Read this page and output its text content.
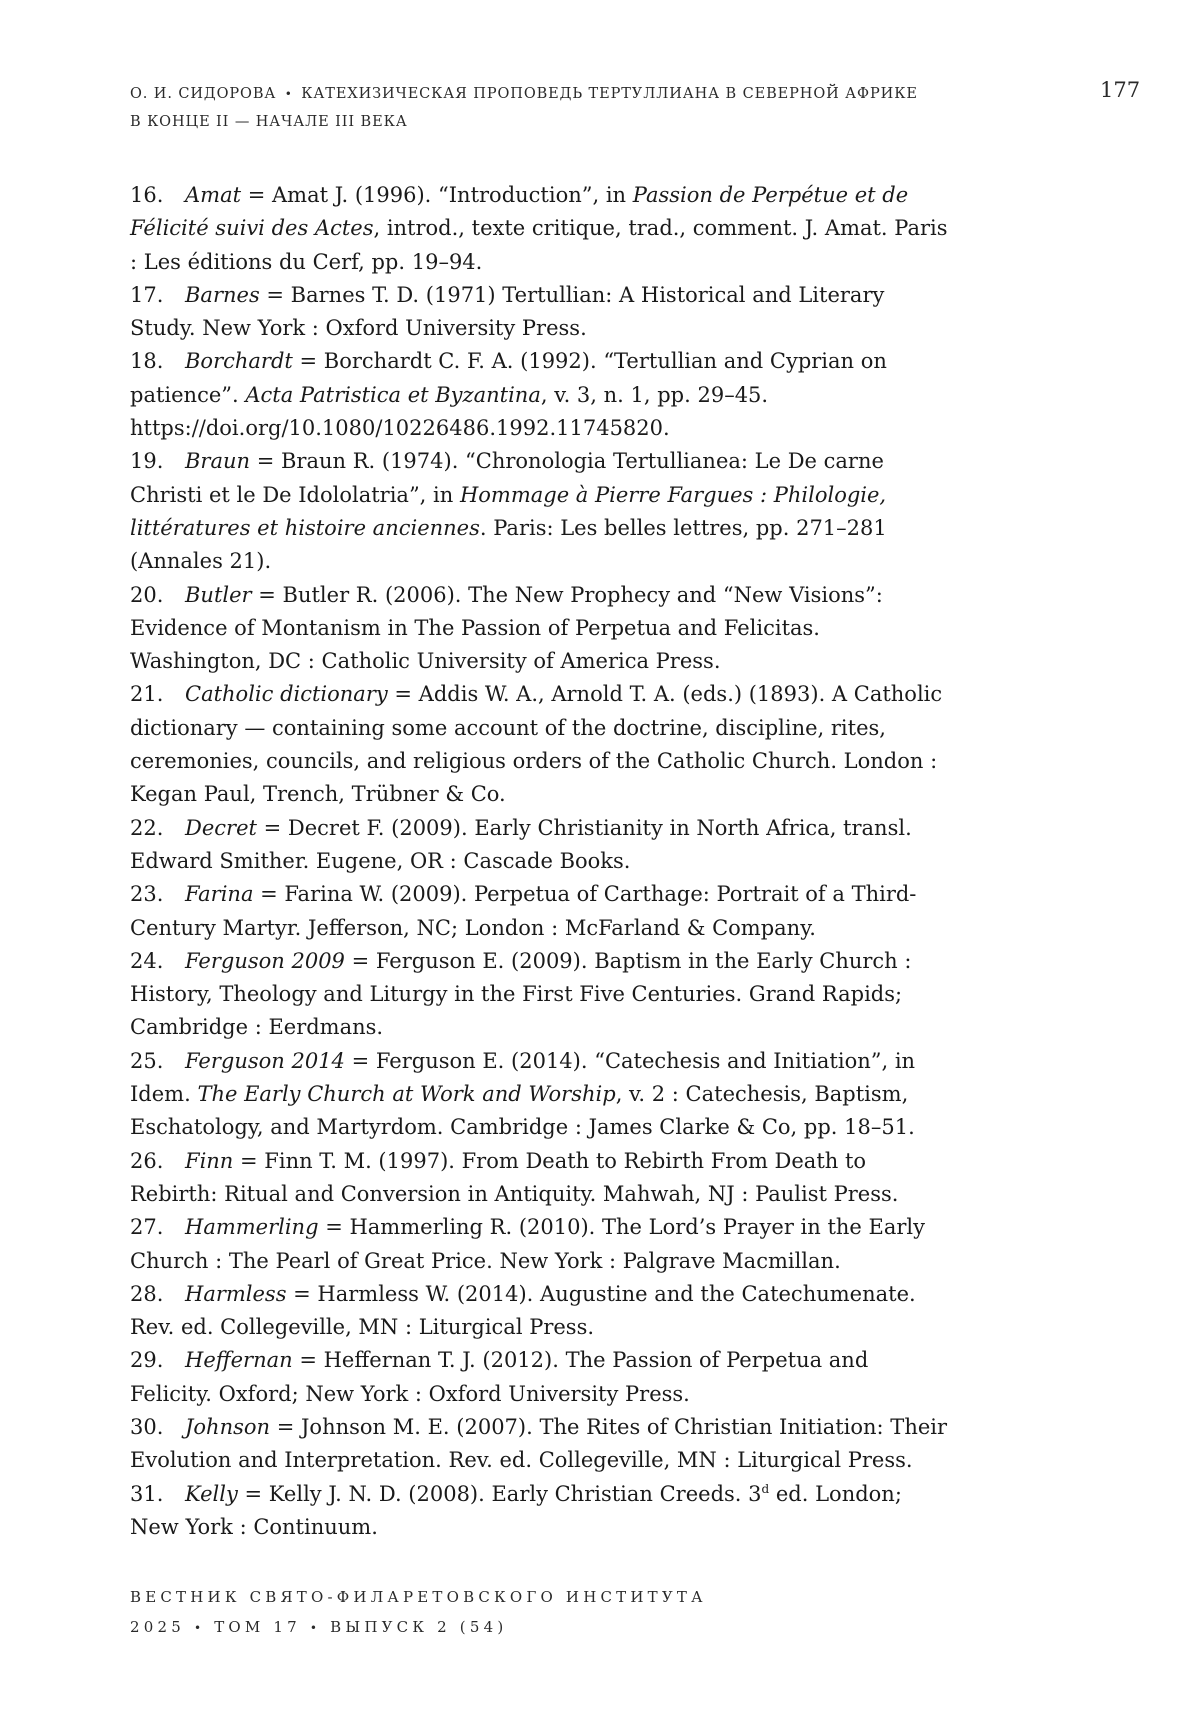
О. И. СИДОРОВА • КАТЕХИЗИЧЕСКАЯ ПРОПОВЕДЬ ТЕРТУЛЛИАНА В СЕВЕРНОЙ АФРИКЕ
В КОНЦЕ II — НАЧАЛЕ III ВЕКА
177
16. Amat = Amat J. (1996). “Introduction”, in Passion de Perpétue et de Félicité suivi des Actes, introd., texte critique, trad., comment. J. Amat. Paris : Les éditions du Cerf, pp. 19–94.
17. Barnes = Barnes T. D. (1971) Tertullian: A Historical and Literary Study. New York : Oxford University Press.
18. Borchardt = Borchardt C. F. A. (1992). “Tertullian and Cyprian on patience”. Acta Patristica et Byzantina, v. 3, n. 1, pp. 29–45.
https://doi.org/10.1080/10226486.1992.11745820.
19. Braun = Braun R. (1974). “Chronologia Tertullianea: Le De carne Christi et le De Idololatria”, in Hommage à Pierre Fargues : Philologie, littératures et histoire anciennes. Paris: Les belles lettres, pp. 271–281 (Annales 21).
20. Butler = Butler R. (2006). The New Prophecy and “New Visions”: Evidence of Montanism in The Passion of Perpetua and Felicitas. Washington, DC : Catholic University of America Press.
21. Catholic dictionary = Addis W. A., Arnold T. A. (eds.) (1893). A Catholic dictionary — containing some account of the doctrine, discipline, rites, ceremonies, councils, and religious orders of the Catholic Church. London : Kegan Paul, Trench, Trübner & Co.
22. Decret = Decret F. (2009). Early Christianity in North Africa, transl. Edward Smither. Eugene, OR : Cascade Books.
23. Farina = Farina W. (2009). Perpetua of Carthage: Portrait of a Third-Century Martyr. Jefferson, NC; London : McFarland & Company.
24. Ferguson 2009 = Ferguson E. (2009). Baptism in the Early Church : History, Theology and Liturgy in the First Five Centuries. Grand Rapids; Cambridge : Eerdmans.
25. Ferguson 2014 = Ferguson E. (2014). “Catechesis and Initiation”, in Idem. The Early Church at Work and Worship, v. 2 : Catechesis, Baptism, Eschatology, and Martyrdom. Cambridge : James Clarke & Co, pp. 18–51.
26. Finn = Finn T. M. (1997). From Death to Rebirth From Death to Rebirth: Ritual and Conversion in Antiquity. Mahwah, NJ : Paulist Press.
27. Hammerling = Hammerling R. (2010). The Lord’s Prayer in the Early Church : The Pearl of Great Price. New York : Palgrave Macmillan.
28. Harmless = Harmless W. (2014). Augustine and the Catechumenate. Rev. ed. Collegeville, MN : Liturgical Press.
29. Heffernan = Heffernan T. J. (2012). The Passion of Perpetua and Felicity. Oxford; New York : Oxford University Press.
30. Johnson = Johnson M. E. (2007). The Rites of Christian Initiation: Their Evolution and Interpretation. Rev. ed. Collegeville, MN : Liturgical Press.
31. Kelly = Kelly J. N. D. (2008). Early Christian Creeds. 3d ed. London; New York : Continuum.
ВЕСТНИК СВЯТО-ФИЛАРЕТОВСКОГО ИНСТИТУТА
2025 • ТОМ 17 • ВЫПУСК 2 (54)
